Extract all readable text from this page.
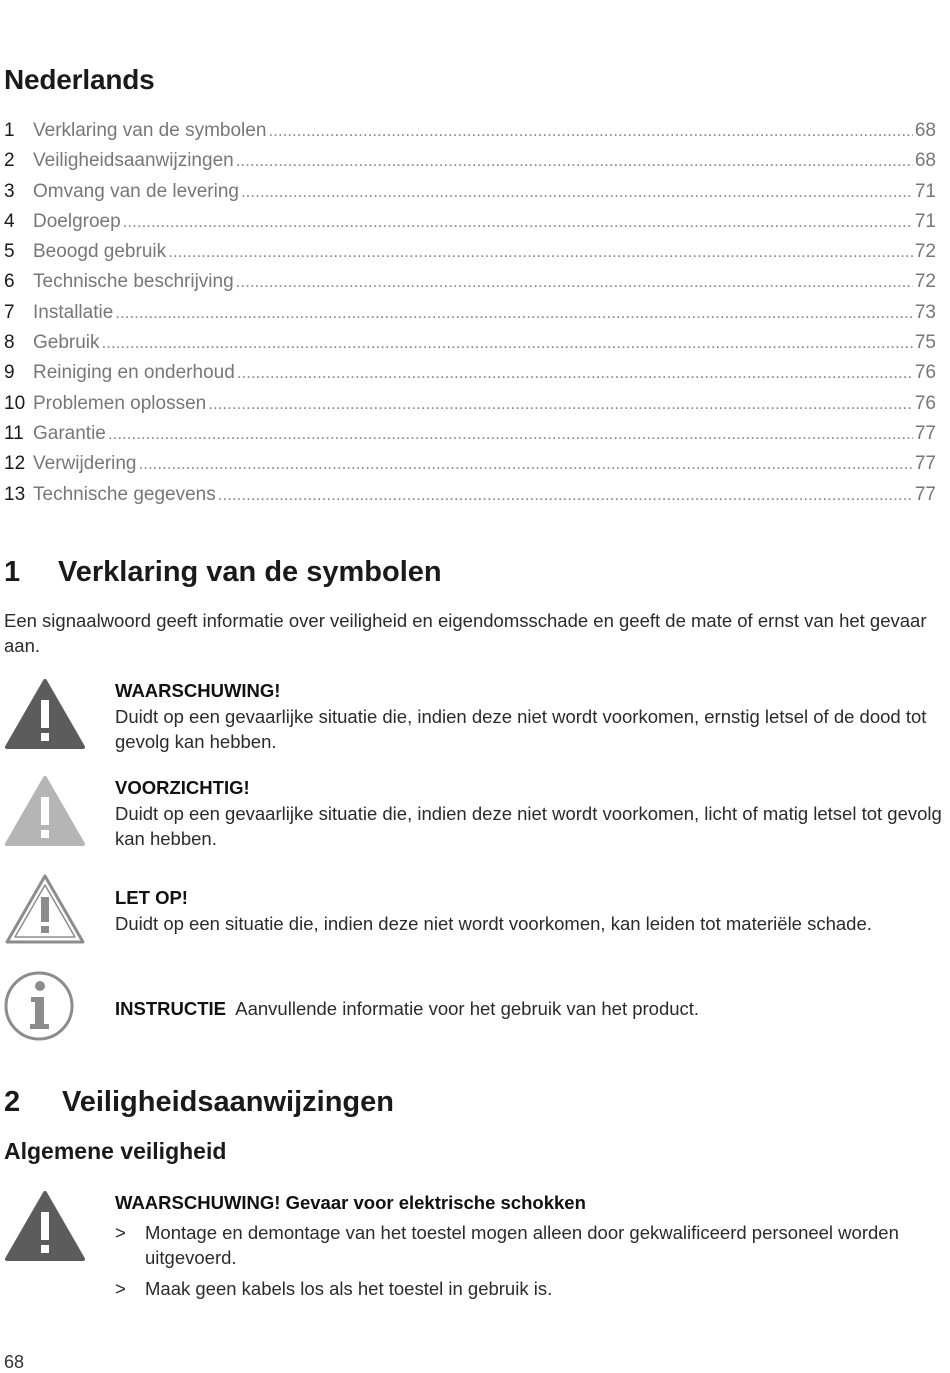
Nederlands
1 Verklaring van de symbolen .....	68
2 Veiligheidsaanwijzingen .....	68
3 Omvang van de levering .....	71
4 Doelgroep .....	71
5 Beoogd gebruik .....	72
6 Technische beschrijving .....	72
7 Installatie .....	73
8 Gebruik .....	75
9 Reiniging en onderhoud .....	76
10 Problemen oplossen .....	76
11 Garantie .....	77
12 Verwijdering .....	77
13 Technische gegevens .....	77
1	Verklaring van de symbolen

Een signaalwoord geeft informatie over veiligheid en eigendomsschade en geeft de mate of ernst van het gevaar aan.

WAARSCHUWING!
Duidt op een gevaarlijke situatie die, indien deze niet wordt voorkomen, ernstig letsel of de dood tot gevolg kan hebben.
VOORZICHTIG!
Duidt op een gevaarlijke situatie die, indien deze niet wordt voorkomen, licht of matig letsel tot gevolg kan hebben.
LET OP!
Duidt op een situatie die, indien deze niet wordt voorkomen, kan leiden tot materiële schade.
INSTRUCTIE Aanvullende informatie voor het gebruik van het product.
2	Veiligheidsaanwijzingen
Algemene veiligheid
WAARSCHUWING! Gevaar voor elektrische schokken
> Montage en demontage van het toestel mogen alleen door gekwalificeerd personeel worden uitgevoerd.
> Maak geen kabels los als het toestel in gebruik is.
68
